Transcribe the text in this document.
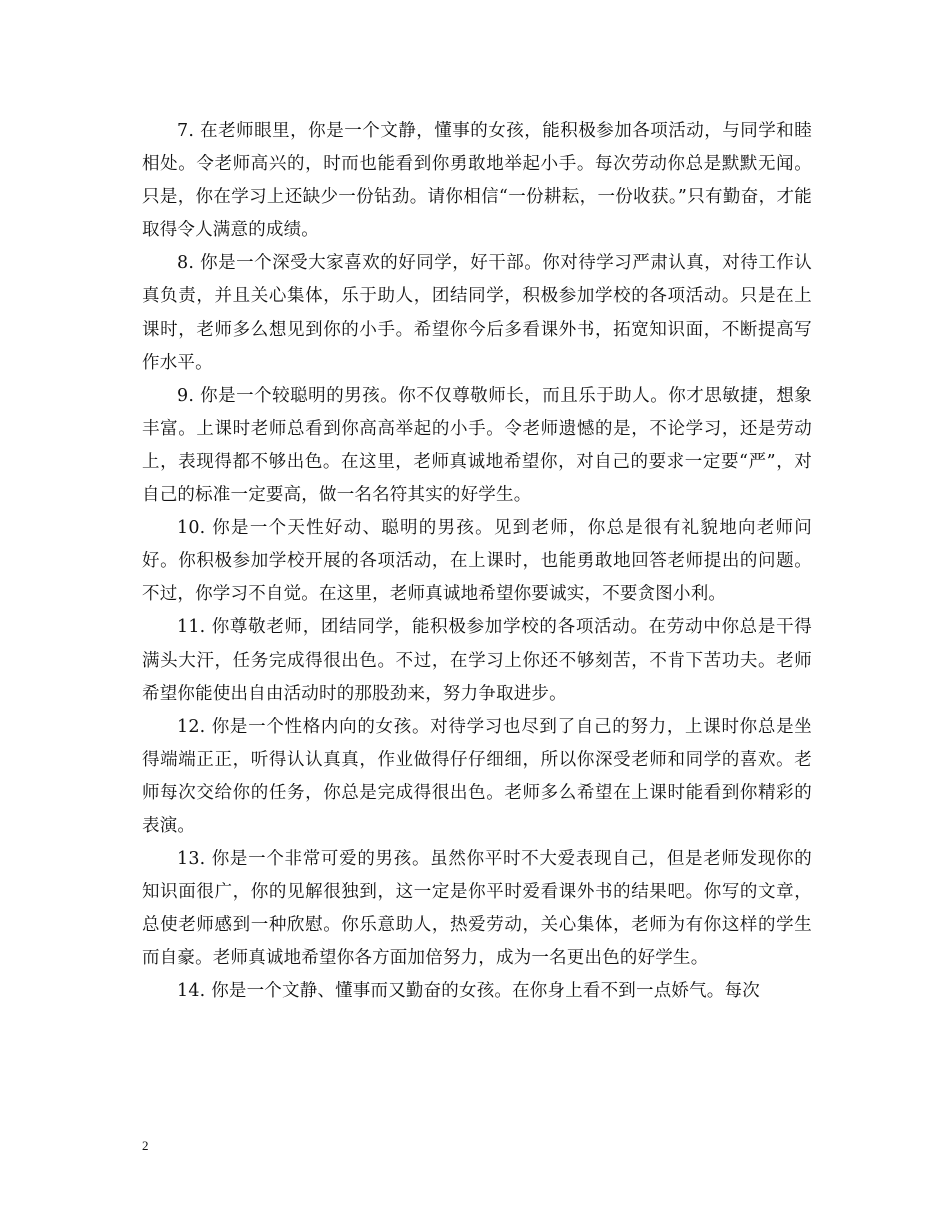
7. 在老师眼里，你是一个文静，懂事的女孩，能积极参加各项活动，与同学和睦相处。令老师高兴的，时而也能看到你勇敢地举起小手。每次劳动你总是默默无闻。只是，你在学习上还缺少一份钻劲。请你相信“一份耕耘，一份收获。”只有勤奋，才能取得令人满意的成绩。

8. 你是一个深受大家喜欢的好同学，好干部。你对待学习严肃认真，对待工作认真负责，并且关心集体，乐于助人，团结同学，积极参加学校的各项活动。只是在上课时，老师多么想见到你的小手。希望你今后多看课外书，拓宽知识面，不断提高写作水平。

9. 你是一个较聪明的男孩。你不仅尊敬师长，而且乐于助人。你才思敏捷，想象丰富。上课时老师总看到你高高举起的小手。令老师遗憾的是，不论学习，还是劳动上，表现得都不够出色。在这里，老师真诚地希望你，对自己的要求一定要“严”，对自己的标准一定要高，做一名名符其实的好学生。

10. 你是一个天性好动、聪明的男孩。见到老师，你总是很有礼貌地向老师问好。你积极参加学校开展的各项活动，在上课时，也能勇敢地回答老师提出的问题。不过，你学习不自觉。在这里，老师真诚地希望你要诚实，不要贪图小利。

11. 你尊敬老师，团结同学，能积极参加学校的各项活动。在劳动中你总是干得满头大汗，任务完成得很出色。不过，在学习上你还不够刻苦，不肯下苦功夫。老师希望你能使出自由活动时的那股劲来，努力争取进步。

12. 你是一个性格内向的女孩。对待学习也尽到了自己的努力，上课时你总是坐得端端正正，听得认认真真，作业做得仔仔细细，所以你深受老师和同学的喜欢。老师每次交给你的任务，你总是完成得很出色。老师多么希望在上课时能看到你精彩的表演。

13. 你是一个非常可爱的男孩。虽然你平时不大爱表现自己，但是老师发现你的知识面很广，你的见解很独到，这一定是你平时爱看课外书的结果吧。你写的文章，总使老师感到一种欣慰。你乐意助人，热爱劳动，关心集体，老师为有你这样的学生而自豪。老师真诚地希望你各方面加倍努力，成为一名更出色的好学生。

14. 你是一个文静、懂事而又勤奋的女孩。在你身上看不到一点娇气。每次

2
